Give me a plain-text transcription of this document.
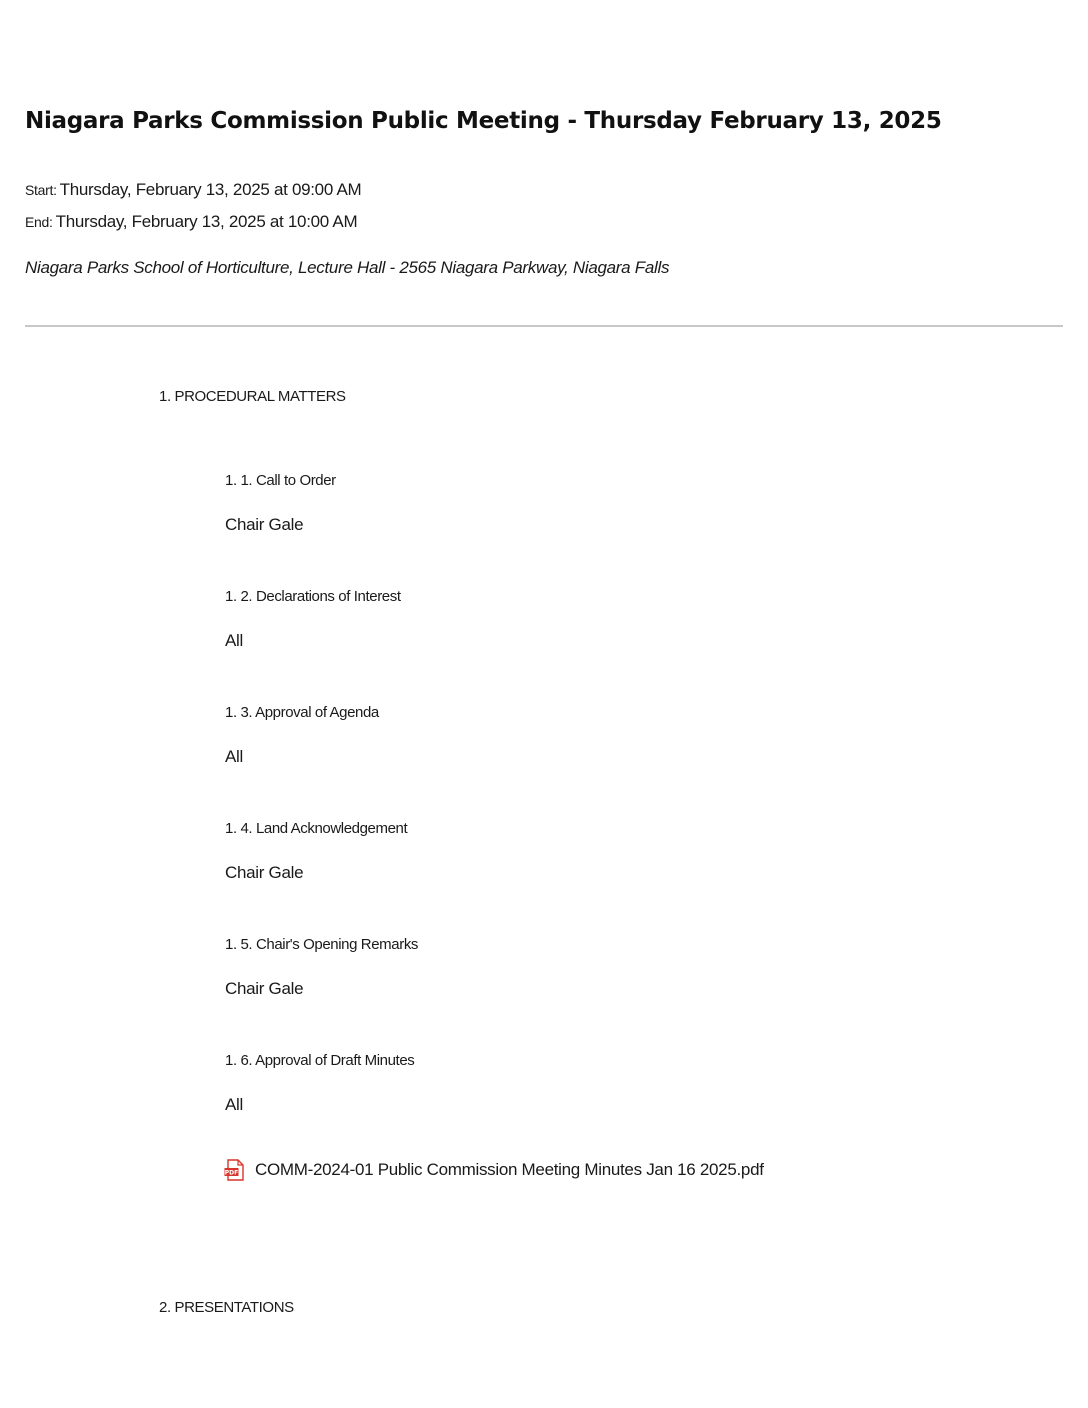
Niagara Parks Commission Public Meeting - Thursday February 13, 2025
Start: Thursday, February 13, 2025 at 09:00 AM
End: Thursday, February 13, 2025 at 10:00 AM
Niagara Parks School of Horticulture, Lecture Hall - 2565 Niagara Parkway, Niagara Falls
1. PROCEDURAL MATTERS
1. 1. Call to Order
Chair Gale
1. 2. Declarations of Interest
All
1. 3. Approval of Agenda
All
1. 4. Land Acknowledgement
Chair Gale
1. 5. Chair's Opening Remarks
Chair Gale
1. 6. Approval of Draft Minutes
All
PDF COMM-2024-01 Public Commission Meeting Minutes Jan 16 2025.pdf
2. PRESENTATIONS
